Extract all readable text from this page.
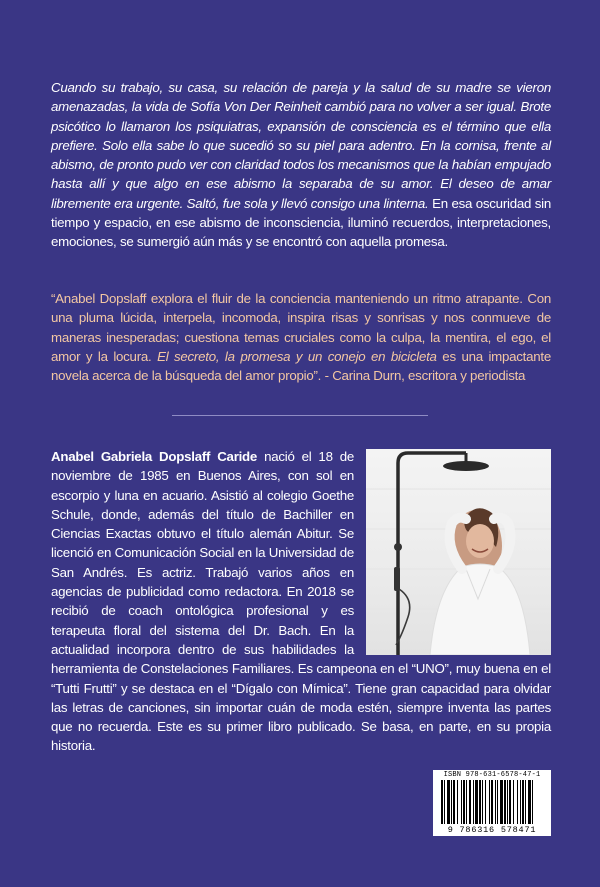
Cuando su trabajo, su casa, su relación de pareja y la salud de su madre se vieron amenazadas, la vida de Sofía Von Der Reinheit cambió para no volver a ser igual. Brote psicótico lo llamaron los psiquiatras, expansión de consciencia es el término que ella prefiere. Solo ella sabe lo que sucedió so su piel para adentro. En la cornisa, frente al abismo, de pronto pudo ver con claridad todos los mecanismos que la habían empujado hasta allí y que algo en ese abismo la separaba de su amor. El deseo de amar libremente era urgente. Saltó, fue sola y llevó consigo una linterna. En esa oscuridad sin tiempo y espacio, en ese abismo de inconsciencia, iluminó recuerdos, interpretaciones, emociones, se sumergió aún más y se encontró con aquella promesa.

“Anabel Dopslaff explora el fluir de la conciencia manteniendo un ritmo atrapante. Con una pluma lúcida, interpela, incomoda, inspira risas y sonrisas y nos conmueve de maneras inesperadas; cuestiona temas cruciales como la culpa, la mentira, el ego, el amor y la locura. El secreto, la promesa y un conejo en bicicleta es una impactante novela acerca de la búsqueda del amor propio”. - Carina Durn, escritora y periodista

Anabel Gabriela Dopslaff Caride nació el 18 de noviembre de 1985 en Buenos Aires, con sol en escorpio y luna en acuario. Asistió al colegio Goethe Schule, donde, además del título de Bachiller en Ciencias Exactas obtuvo el título alemán Abitur. Se licenció en Comunicación Social en la Universidad de San Andrés. Es actriz. Trabajó varios años en agencias de publicidad como redactora. En 2018 se recibió de coach ontológica profesional y es terapeuta floral del sistema del Dr. Bach. En la actualidad incorpora dentro de sus habilidades la herramienta de Constelaciones Familiares. Es campeona en el “UNO”, muy buena en el “Tutti Frutti” y se destaca en el “Dígalo con Mímica”. Tiene gran capacidad para olvidar las letras de canciones, sin importar cuán de moda estén, siempre inventa las partes que no recuerda. Este es su primer libro publicado. Se basa, en parte, en su propia historia.
ISBN 978-631-6578-47-1
9 786316 578471
